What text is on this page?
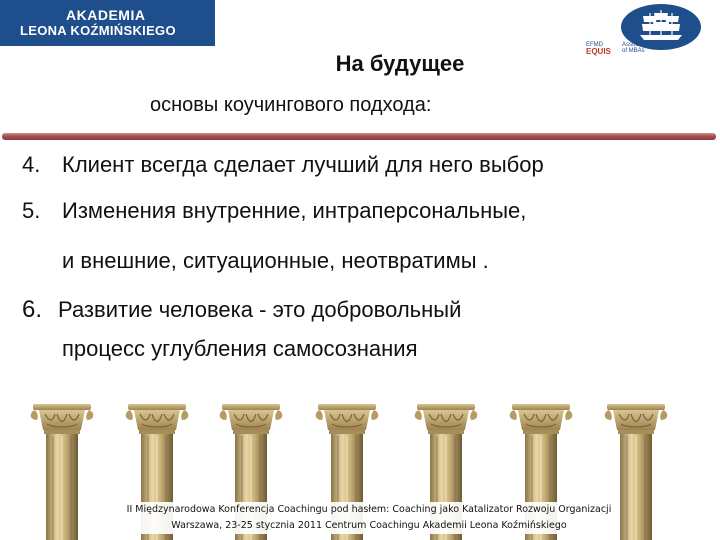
AKADEMIA
LEONA KOŹMIŃSKIEGO
EFMD
EQUIS
Association
of MBAs
На будущее
основы коучингового подхода:
4. Клиент всегда сделает лучший для него выбор
5. Изменения внутренние, интраперсональные,
и внешние, ситуационные, неотвратимы .
6. Развитие человека - это добровольный
процесс углубления самосознания
II Międzynarodowa Konferencja Coachingu pod hasłem: Coaching jako Katalizator Rozwoju Organizacji
Warszawa, 23-25 stycznia 2011 Centrum Coachingu Akademii Leona Koźmińskiego
